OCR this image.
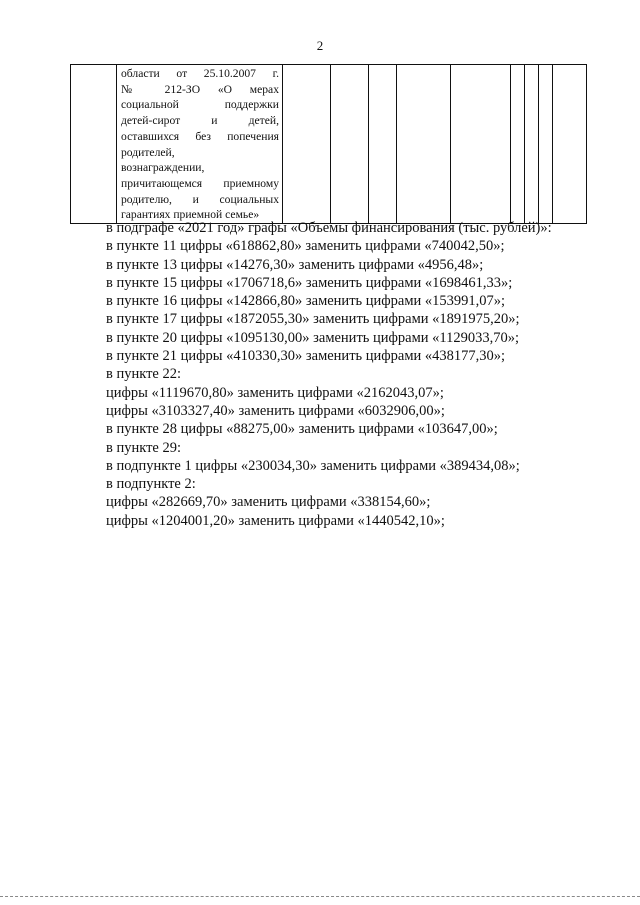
2

области от 25.10.2007 г.
№ 212-ЗО «О мерах
социальной поддержки
детей-сирот и детей,
оставшихся без попечения
родителей,
вознаграждении,
причитающемся приемному
родителю, и социальных
гарантиях приемной семье»

в подграфе «2021 год» графы «Объемы финансирования (тыс. рублей)»:
в пункте 11 цифры «618862,80» заменить цифрами «740042,50»;
в пункте 13 цифры «14276,30» заменить цифрами «4956,48»;
в пункте 15 цифры «1706718,6» заменить цифрами «1698461,33»;
в пункте 16 цифры «142866,80» заменить цифрами «153991,07»;
в пункте 17 цифры «1872055,30» заменить цифрами «1891975,20»;
в пункте 20 цифры «1095130,00» заменить цифрами «1129033,70»;
в пункте 21 цифры «410330,30» заменить цифрами «438177,30»;
в пункте 22:
цифры «1119670,80» заменить цифрами «2162043,07»;
цифры «3103327,40» заменить цифрами «6032906,00»;
в пункте 28 цифры «88275,00» заменить цифрами «103647,00»;
в пункте 29:
в подпункте 1 цифры «230034,30» заменить цифрами «389434,08»;
в подпункте 2:
цифры «282669,70» заменить цифрами «338154,60»;
цифры «1204001,20» заменить цифрами «1440542,10»;
